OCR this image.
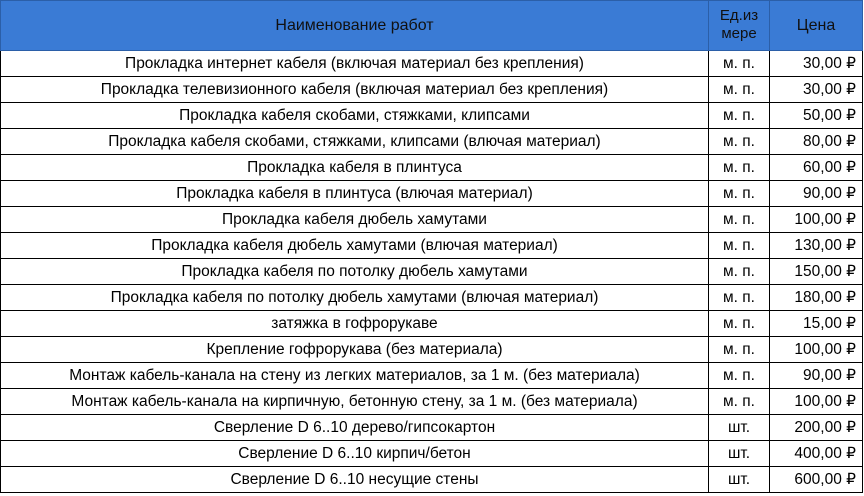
Наименование работ	Ед.из мере	Цена
Прокладка интернет кабеля (включая материал без крепления)	м. п.	30,00 ₽
Прокладка телевизионного кабеля (включая материал без крепления)	м. п.	30,00 ₽
Прокладка кабеля скобами, стяжками, клипсами	м. п.	50,00 ₽
Прокладка кабеля скобами, стяжками, клипсами (влючая материал)	м. п.	80,00 ₽
Прокладка кабеля в плинтуса	м. п.	60,00 ₽
Прокладка кабеля в плинтуса (влючая материал)	м. п.	90,00 ₽
Прокладка кабеля дюбель хамутами	м. п.	100,00 ₽
Прокладка кабеля дюбель хамутами (влючая материал)	м. п.	130,00 ₽
Прокладка кабеля по потолку дюбель хамутами	м. п.	150,00 ₽
Прокладка кабеля по потолку дюбель хамутами (влючая материал)	м. п.	180,00 ₽
затяжка в гофрорукаве	м. п.	15,00 ₽
Крепление гофрорукава (без материала)	м. п.	100,00 ₽
Монтаж кабель-канала на стену из легких материалов, за 1 м. (без материала)	м. п.	90,00 ₽
Монтаж кабель-канала на кирпичную, бетонную стену, за 1 м. (без материала)	м. п.	100,00 ₽
Сверление D 6..10 дерево/гипсокартон	шт.	200,00 ₽
Сверление D 6..10 кирпич/бетон	шт.	400,00 ₽
Сверление D 6..10 несущие стены	шт.	600,00 ₽
